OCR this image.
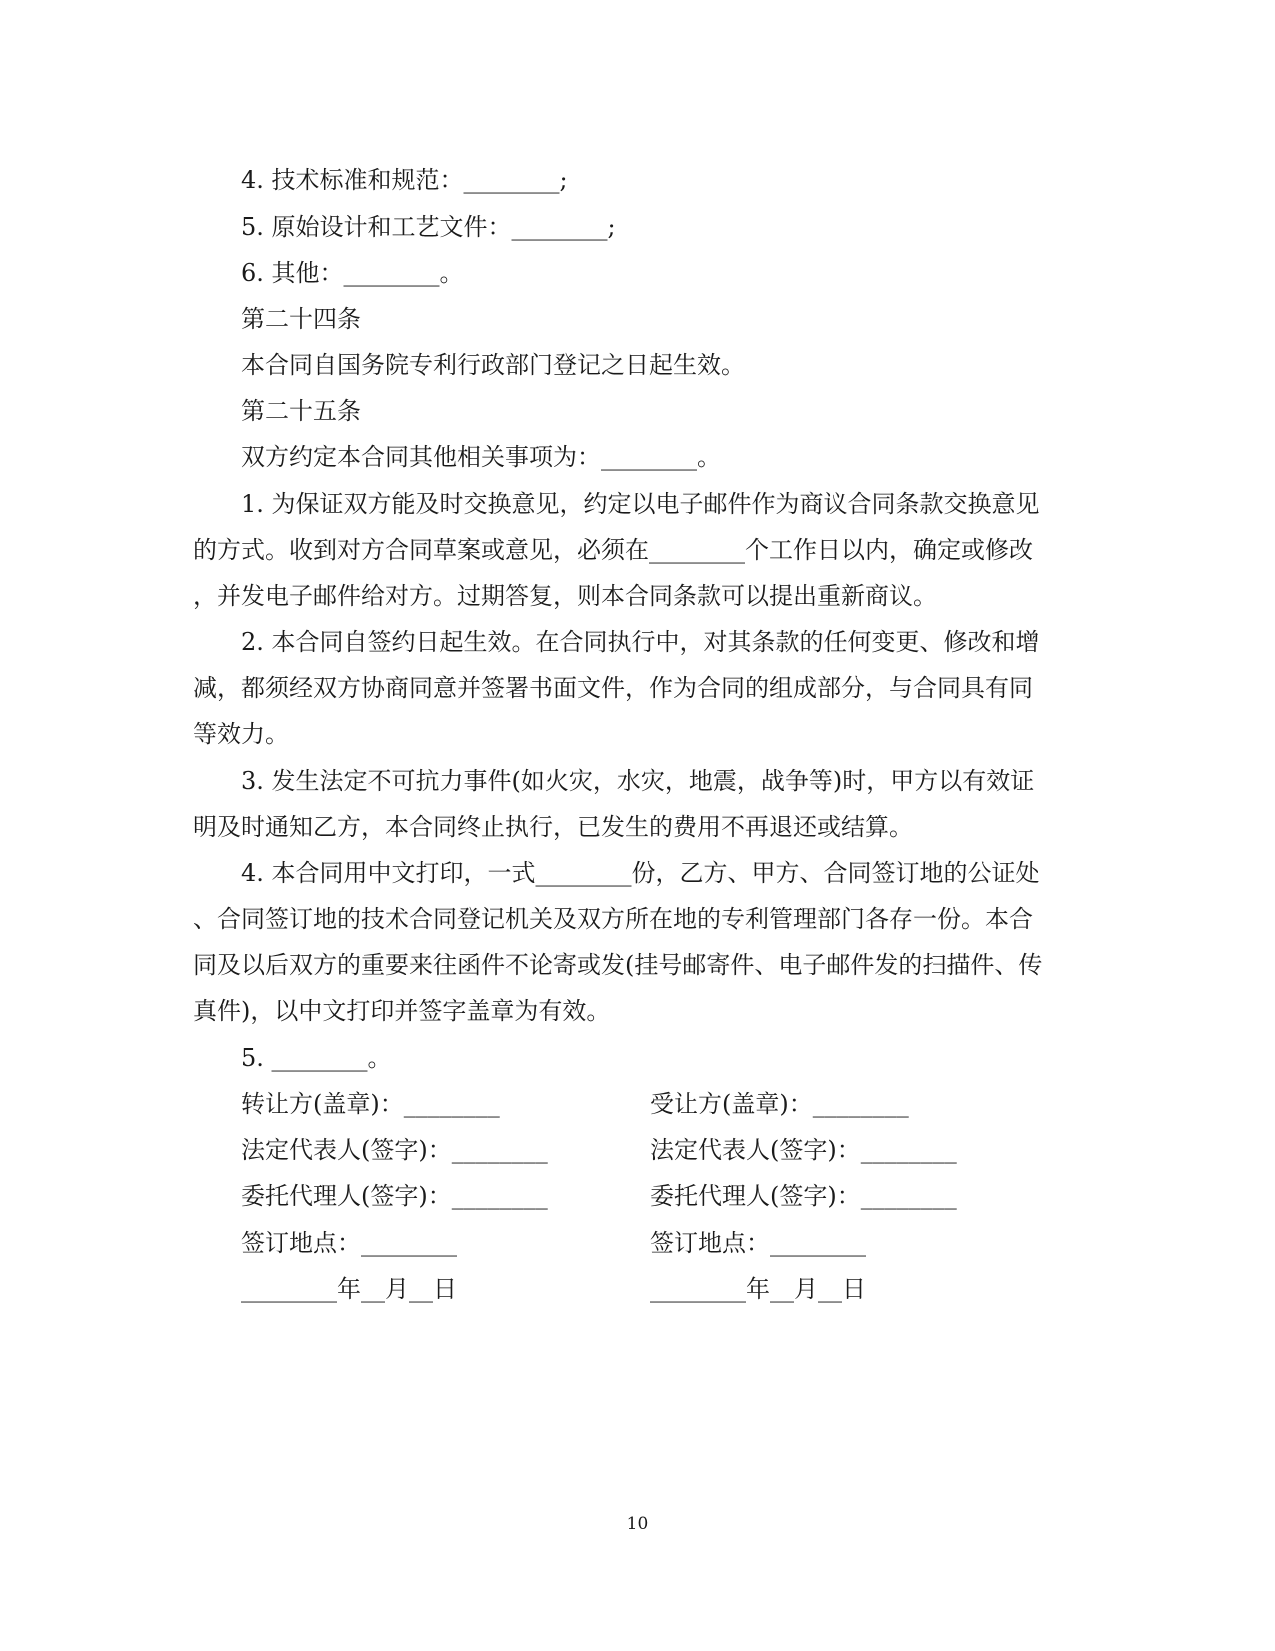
4. 技术标准和规范：________;
5. 原始设计和工艺文件：________;
6. 其他：________。
第二十四条
本合同自国务院专利行政部门登记之日起生效。
第二十五条
双方约定本合同其他相关事项为：________。
1. 为保证双方能及时交换意见，约定以电子邮件作为商议合同条款交换意见
的方式。收到对方合同草案或意见，必须在________个工作日以内，确定或修改
，并发电子邮件给对方。过期答复，则本合同条款可以提出重新商议。
2. 本合同自签约日起生效。在合同执行中，对其条款的任何变更、修改和增
减，都须经双方协商同意并签署书面文件，作为合同的组成部分，与合同具有同
等效力。
3. 发生法定不可抗力事件(如火灾，水灾，地震，战争等)时，甲方以有效证
明及时通知乙方，本合同终止执行，已发生的费用不再退还或结算。
4. 本合同用中文打印，一式________份，乙方、甲方、合同签订地的公证处
、合同签订地的技术合同登记机关及双方所在地的专利管理部门各存一份。本合
同及以后双方的重要来往函件不论寄或发(挂号邮寄件、电子邮件发的扫描件、传
真件)，以中文打印并签字盖章为有效。
5. ________。
转让方(盖章)：________	受让方(盖章)：________
法定代表人(签字)：________	法定代表人(签字)：________
委托代理人(签字)：________	委托代理人(签字)：________
签订地点：________	签订地点：________
________年__月__日	________年__月__日
10
